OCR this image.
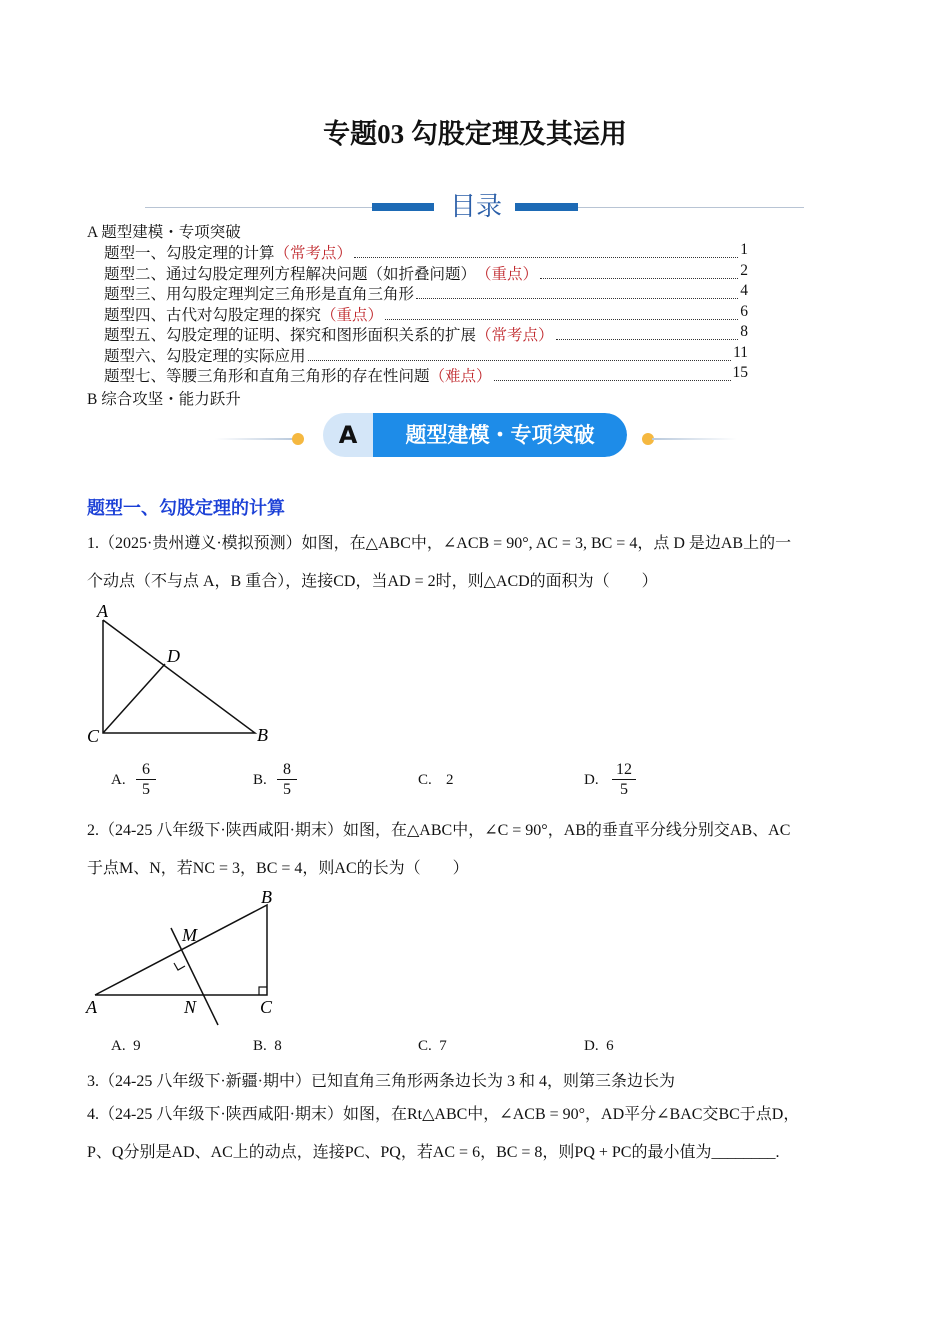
专题03 勾股定理及其运用
目录
A 题型建模・专项突破
题型一、勾股定理的计算 （常考点）	1
题型二、通过勾股定理列方程解决问题（如折叠问题） （重点）	2
题型三、用勾股定理判定三角形是直角三角形	4
题型四、古代对勾股定理的探究 （重点）	6
题型五、勾股定理的证明、探究和图形面积关系的扩展 （常考点）	8
题型六、勾股定理的实际应用	11
题型七、等腰三角形和直角三角形的存在性问题 （难点）	15
B 综合攻坚・能力跃升
A	题型建模・专项突破
题型一、勾股定理的计算
1.（2025·贵州遵义·模拟预测）如图，在△ABC中，∠ACB = 90°, AC = 3, BC = 4，点 D 是边AB上的一
个动点（不与点 A，B 重合），连接CD，当AD = 2时，则△ACD的面积为（　　）
A
D
C	B
A. $\frac{6}{5}$	B. $\frac{8}{5}$	C. 2	D. $\frac{12}{5}$
2.（24-25 八年级下·陕西咸阳·期末）如图，在△ABC中，∠C = 90°，AB的垂直平分线分别交AB、AC
于点M、N，若NC = 3，BC = 4，则AC的长为（　　）
B
M
A	N	C
A. 9	B. 8	C. 7	D. 6
3.（24-25 八年级下·新疆·期中）已知直角三角形两条边长为 3 和 4，则第三条边长为
4.（24-25 八年级下·陕西咸阳·期末）如图，在Rt△ABC中，∠ACB = 90°，AD平分∠BAC交BC于点D，
P、Q分别是AD、AC上的动点，连接PC、PQ，若AC = 6，BC = 8，则PQ + PC的最小值为________.
